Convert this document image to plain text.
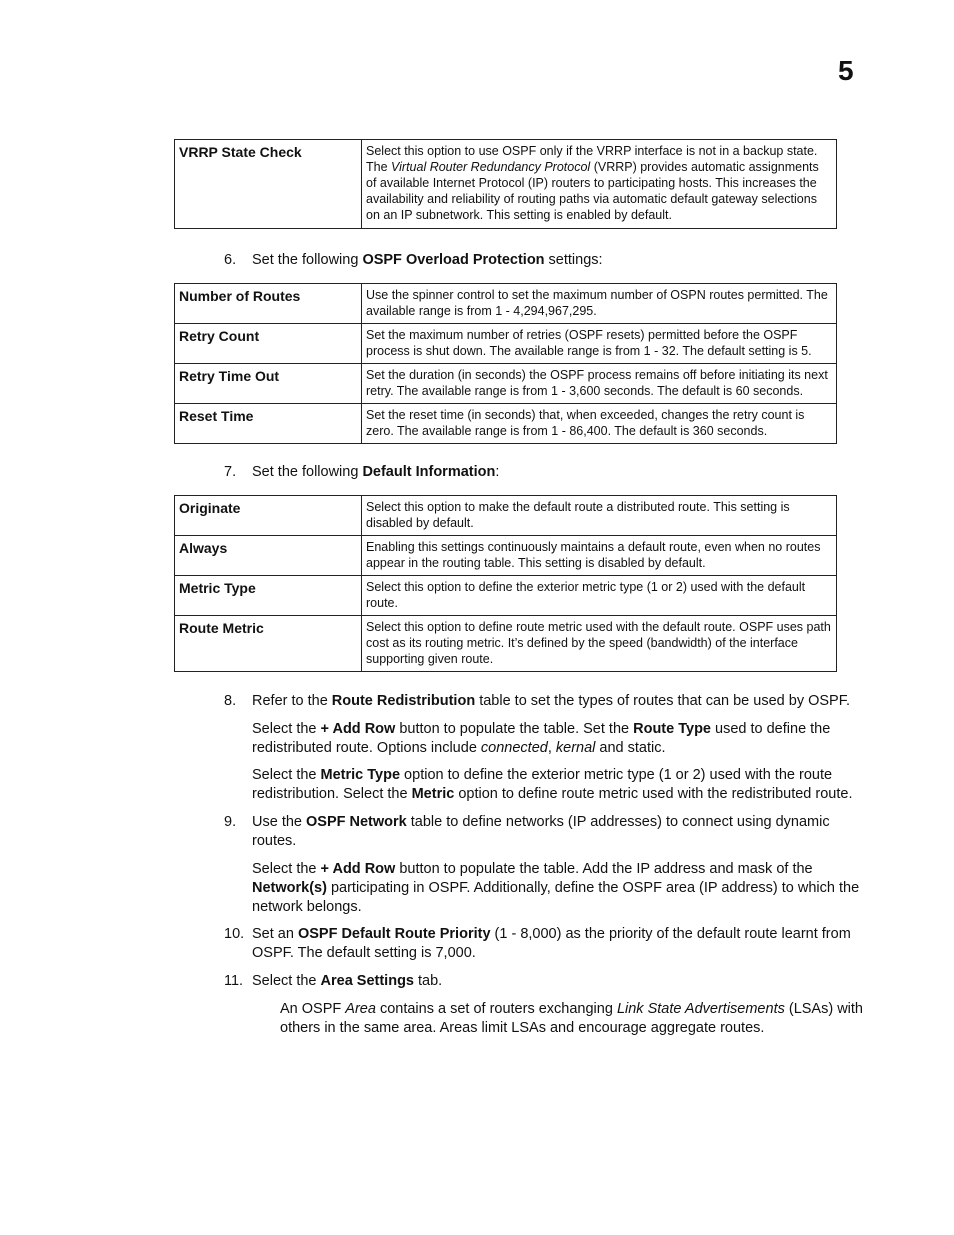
5
VRRP State Check	Select this option to use OSPF only if the VRRP interface is not in a backup state. The Virtual Router Redundancy Protocol (VRRP) provides automatic assignments of available Internet Protocol (IP) routers to participating hosts. This increases the availability and reliability of routing paths via automatic default gateway selections on an IP subnetwork. This setting is enabled by default.
6.	Set the following OSPF Overload Protection settings:
Number of Routes	Use the spinner control to set the maximum number of OSPN routes permitted. The available range is from 1 - 4,294,967,295.
Retry Count	Set the maximum number of retries (OSPF resets) permitted before the OSPF process is shut down. The available range is from 1 - 32. The default setting is 5.
Retry Time Out	Set the duration (in seconds) the OSPF process remains off before initiating its next retry. The available range is from 1 - 3,600 seconds. The default is 60 seconds.
Reset Time	Set the reset time (in seconds) that, when exceeded, changes the retry count is zero. The available range is from 1 - 86,400. The default is 360 seconds.
7.	Set the following Default Information:
Originate	Select this option to make the default route a distributed route. This setting is disabled by default.
Always	Enabling this settings continuously maintains a default route, even when no routes appear in the routing table. This setting is disabled by default.
Metric Type	Select this option to define the exterior metric type (1 or 2) used with the default route.
Route Metric	Select this option to define route metric used with the default route. OSPF uses path cost as its routing metric. It’s defined by the speed (bandwidth) of the interface supporting given route.
8.	Refer to the Route Redistribution table to set the types of routes that can be used by OSPF.
Select the + Add Row button to populate the table. Set the Route Type used to define the redistributed route. Options include connected, kernal and static.
Select the Metric Type option to define the exterior metric type (1 or 2) used with the route redistribution. Select the Metric option to define route metric used with the redistributed route.
9.	Use the OSPF Network table to define networks (IP addresses) to connect using dynamic routes.
Select the + Add Row button to populate the table. Add the IP address and mask of the Network(s) participating in OSPF. Additionally, define the OSPF area (IP address) to which the network belongs.
10. Set an OSPF Default Route Priority (1 - 8,000) as the priority of the default route learnt from OSPF. The default setting is 7,000.
11. Select the Area Settings tab.
An OSPF Area contains a set of routers exchanging Link State Advertisements (LSAs) with others in the same area. Areas limit LSAs and encourage aggregate routes.
